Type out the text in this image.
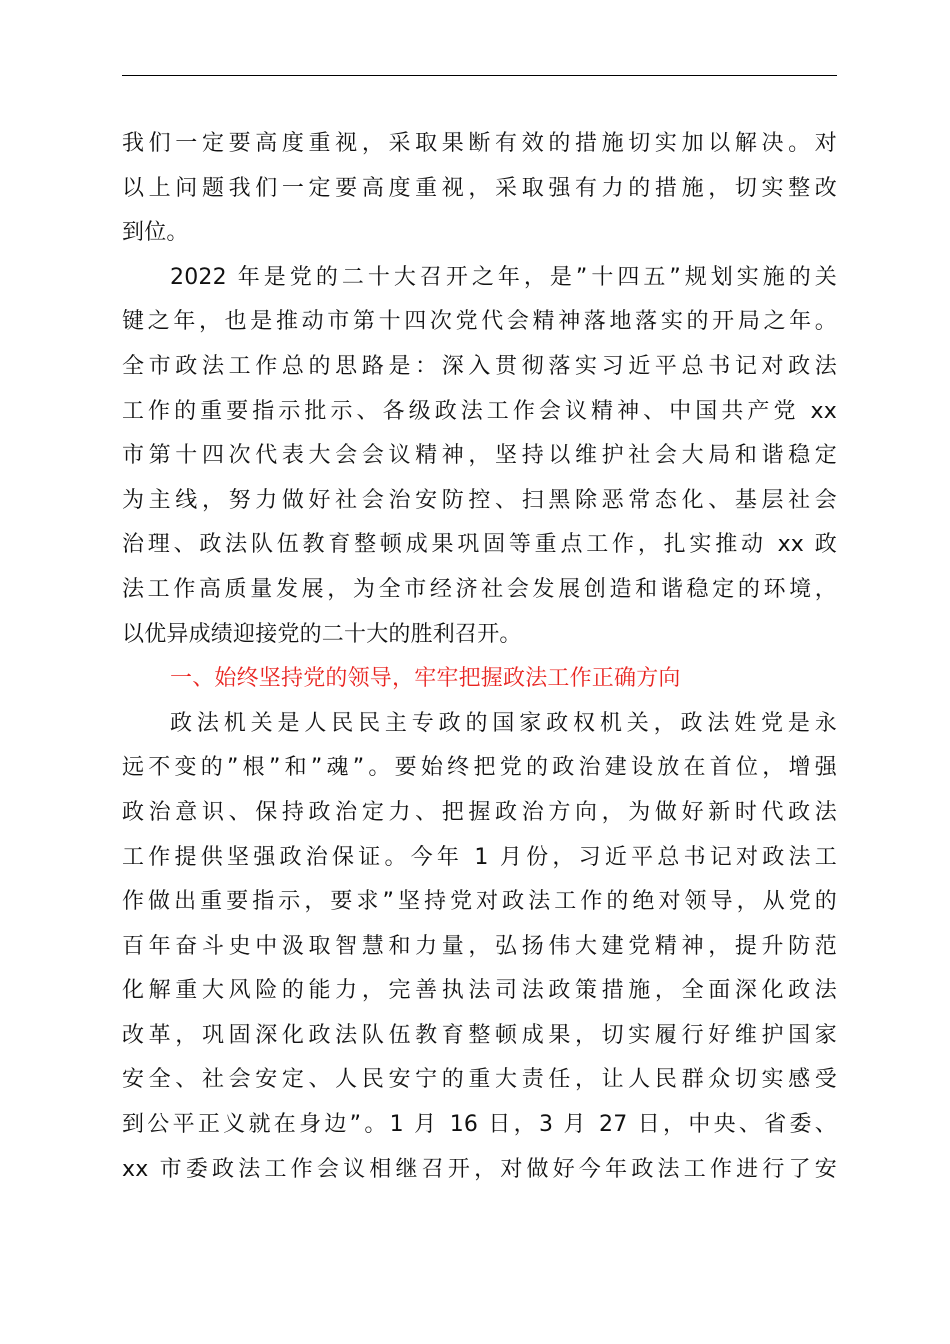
我们一定要高度重视，采取果断有效的措施切实加以解决。对
以上问题我们一定要高度重视，采取强有力的措施，切实整改
到位。
2022 年是党的二十大召开之年，是”十四五”规划实施的关
键之年，也是推动市第十四次党代会精神落地落实的开局之年。
全市政法工作总的思路是：深入贯彻落实习近平总书记对政法
工作的重要指示批示、各级政法工作会议精神、中国共产党 xx
市第十四次代表大会会议精神，坚持以维护社会大局和谐稳定
为主线，努力做好社会治安防控、扫黑除恶常态化、基层社会
治理、政法队伍教育整顿成果巩固等重点工作，扎实推动 xx 政
法工作高质量发展，为全市经济社会发展创造和谐稳定的环境，
以优异成绩迎接党的二十大的胜利召开。
一、始终坚持党的领导，牢牢把握政法工作正确方向
政法机关是人民民主专政的国家政权机关，政法姓党是永
远不变的”根”和”魂”。要始终把党的政治建设放在首位，增强
政治意识、保持政治定力、把握政治方向，为做好新时代政法
工作提供坚强政治保证。今年 1 月份，习近平总书记对政法工
作做出重要指示，要求”坚持党对政法工作的绝对领导，从党的
百年奋斗史中汲取智慧和力量，弘扬伟大建党精神，提升防范
化解重大风险的能力，完善执法司法政策措施，全面深化政法
改革，巩固深化政法队伍教育整顿成果，切实履行好维护国家
安全、社会安定、人民安宁的重大责任，让人民群众切实感受
到公平正义就在身边”。1 月 16 日，3 月 27 日，中央、省委、
xx 市委政法工作会议相继召开，对做好今年政法工作进行了安
